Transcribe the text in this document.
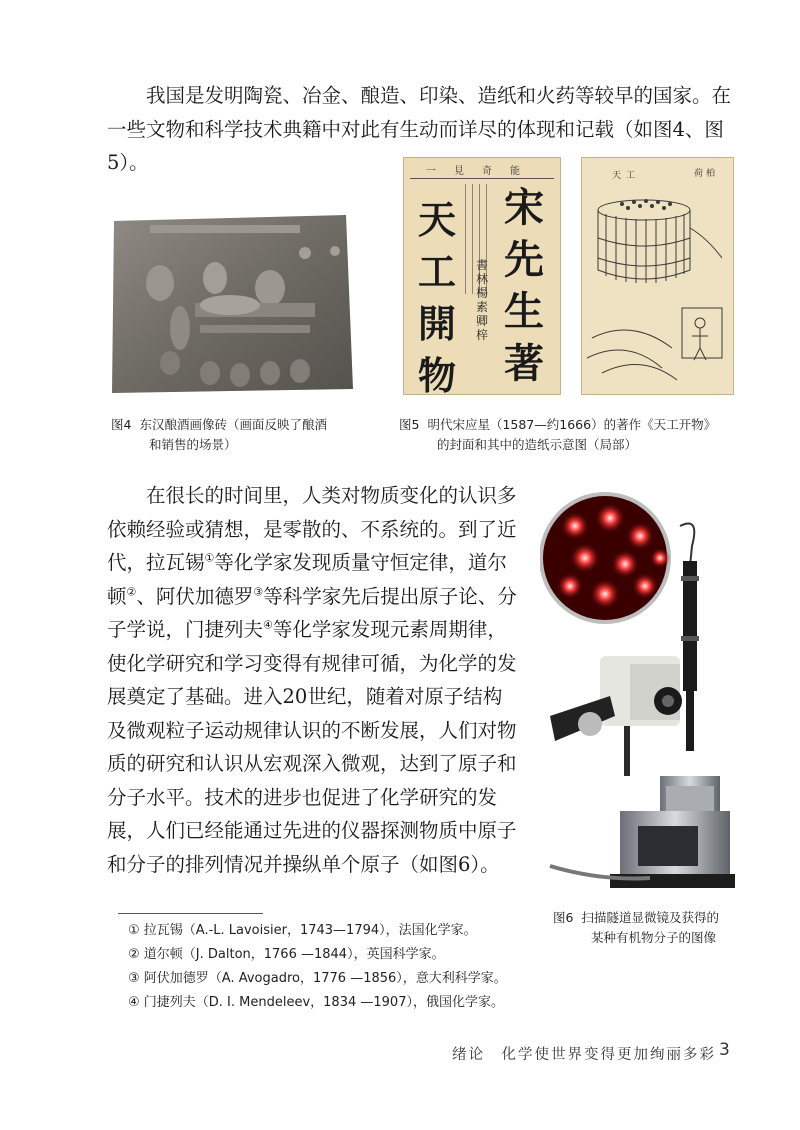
我国是发明陶瓷、冶金、酿造、印染、造纸和火药等较早的国家。在一些文物和科学技术典籍中对此有生动而详尽的体现和记载（如图4、图5）。

图4 东汉酿酒画像砖（画面反映了酿酒
和销售的场景）
一見奇能
天
工
開
物
書林楊素卿梓
宋
先
生
著
天 工	荷 柏
图5 明代宋应星（1587—约1666）的著作《天工开物》
的封面和其中的造纸示意图（局部）

在很长的时间里，人类对物质变化的认识多依赖经验或猜想，是零散的、不系统的。到了近代，拉瓦锡①等化学家发现质量守恒定律，道尔顿②、阿伏加德罗③等科学家先后提出原子论、分子学说，门捷列夫④等化学家发现元素周期律，使化学研究和学习变得有规律可循，为化学的发展奠定了基础。进入20世纪，随着对原子结构及微观粒子运动规律认识的不断发展，人们对物质的研究和认识从宏观深入微观，达到了原子和分子水平。技术的进步也促进了化学研究的发展，人们已经能通过先进的仪器探测物质中原子和分子的排列情况并操纵单个原子（如图6）。

图6 扫描隧道显微镜及获得的
某种有机物分子的图像
① 拉瓦锡（A.-L. Lavoisier，1743—1794），法国化学家。
② 道尔顿（J. Dalton，1766 —1844），英国科学家。
③ 阿伏加德罗（A. Avogadro，1776 —1856），意大利科学家。
④ 门捷列夫（D. I. Mendeleev，1834 —1907），俄国化学家。
绪论　化学使世界变得更加绚丽多彩 3
